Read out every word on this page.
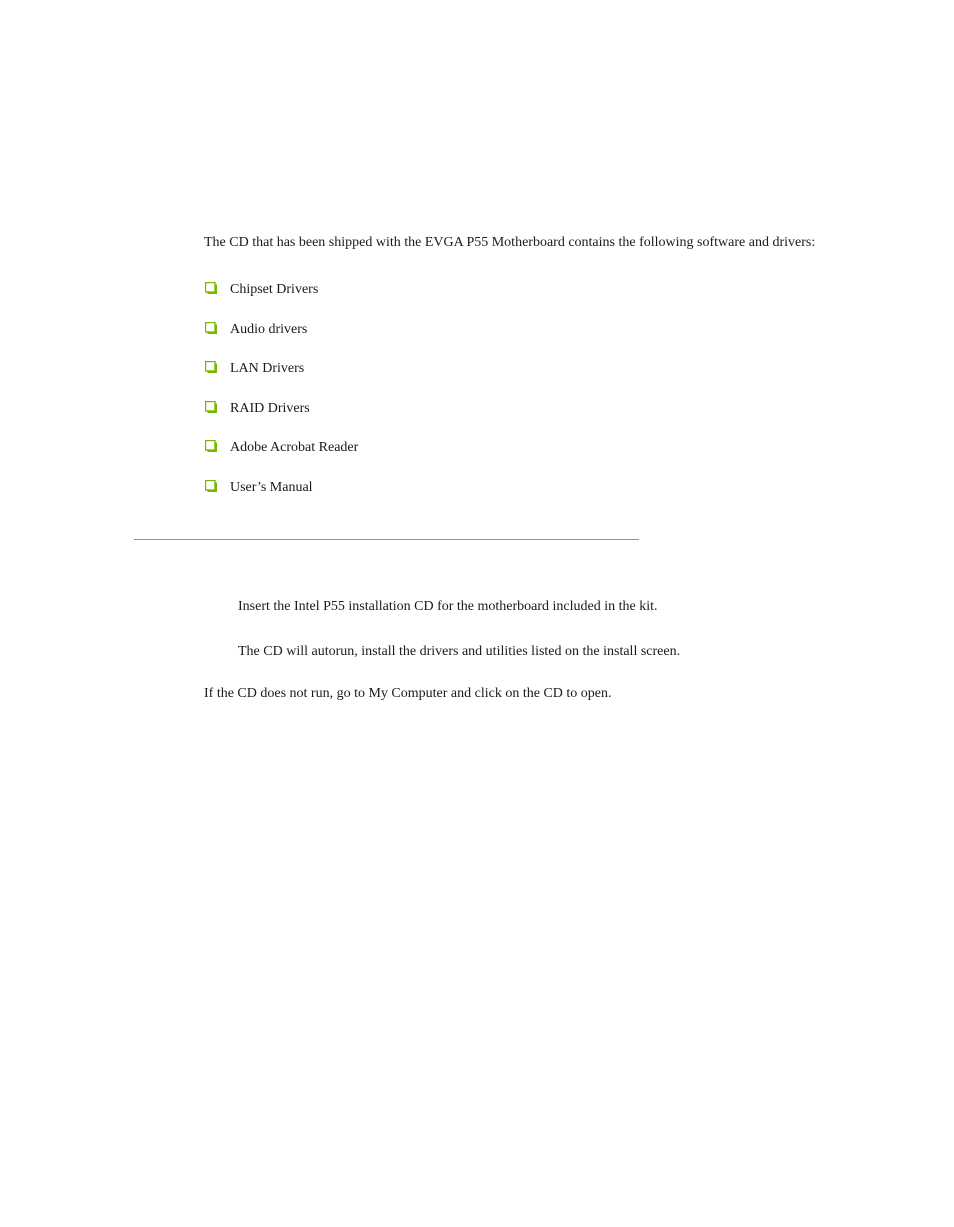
The CD that has been shipped with the EVGA P55 Motherboard contains the following software and drivers:

Chipset Drivers
Audio drivers
LAN Drivers
RAID Drivers
Adobe Acrobat Reader
User’s Manual

Insert the Intel P55 installation CD for the motherboard included in the kit.

The CD will autorun, install the drivers and utilities listed on the install screen.

If the CD does not run, go to My Computer and click on the CD to open.
